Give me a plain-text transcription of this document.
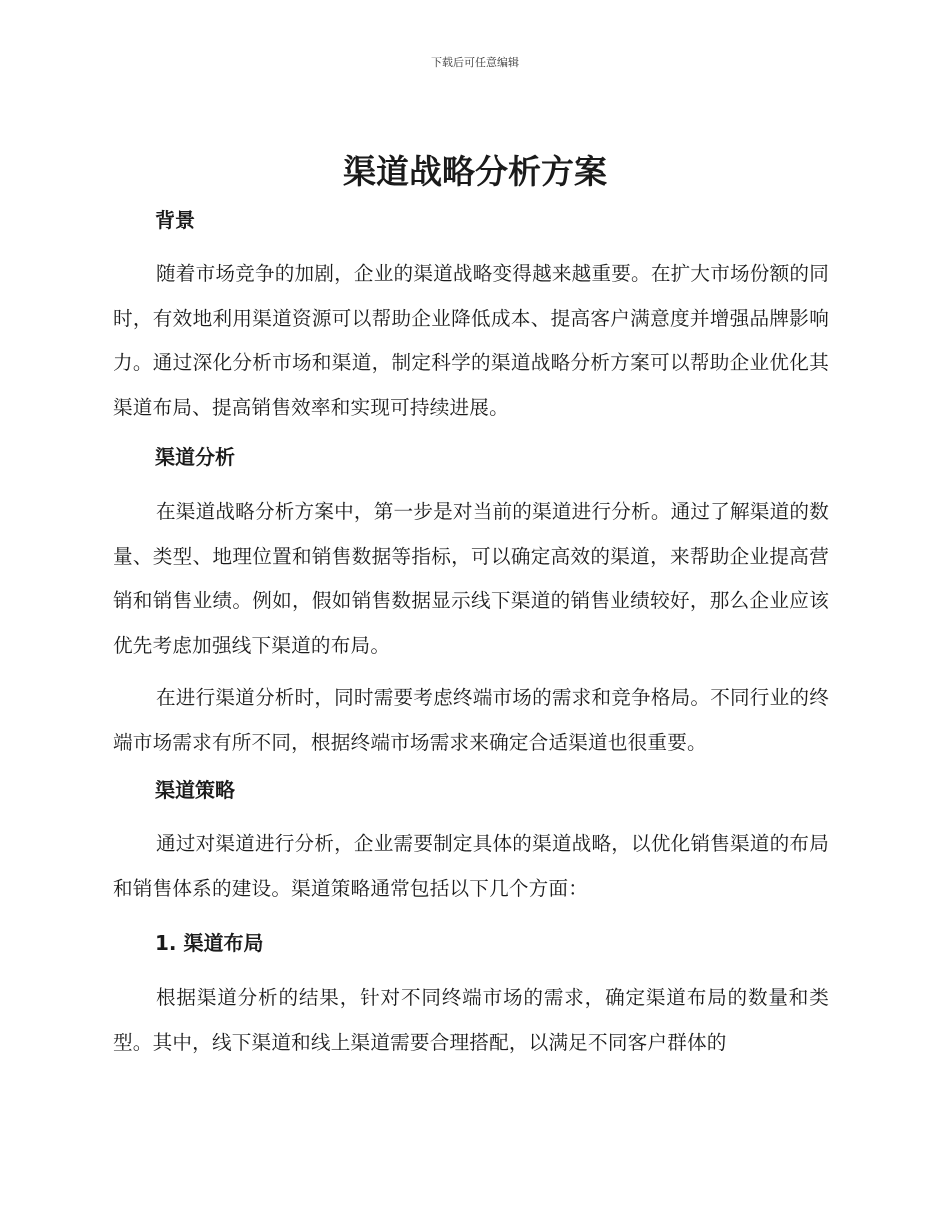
下载后可任意编辑
渠道战略分析方案
背景

随着市场竞争的加剧，企业的渠道战略变得越来越重要。在扩大市场份额的同时，有效地利用渠道资源可以帮助企业降低成本、提高客户满意度并增强品牌影响力。通过深化分析市场和渠道，制定科学的渠道战略分析方案可以帮助企业优化其渠道布局、提高销售效率和实现可持续进展。

渠道分析

在渠道战略分析方案中，第一步是对当前的渠道进行分析。通过了解渠道的数量、类型、地理位置和销售数据等指标，可以确定高效的渠道，来帮助企业提高营销和销售业绩。例如，假如销售数据显示线下渠道的销售业绩较好，那么企业应该优先考虑加强线下渠道的布局。

在进行渠道分析时，同时需要考虑终端市场的需求和竞争格局。不同行业的终端市场需求有所不同，根据终端市场需求来确定合适渠道也很重要。

渠道策略

通过对渠道进行分析，企业需要制定具体的渠道战略，以优化销售渠道的布局和销售体系的建设。渠道策略通常包括以下几个方面：

1. 渠道布局

根据渠道分析的结果，针对不同终端市场的需求，确定渠道布局的数量和类型。其中，线下渠道和线上渠道需要合理搭配，以满足不同客户群体的
